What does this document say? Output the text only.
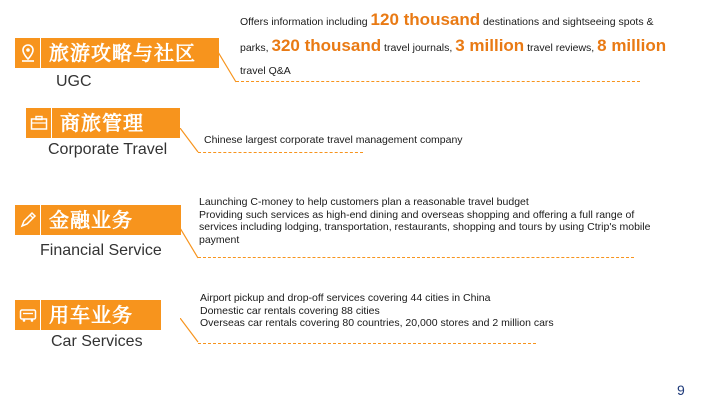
旅游攻略与社区
UGC
Offers information including 120 thousand destinations and sightseeing spots & parks, 320 thousand travel journals, 3 million travel reviews, 8 million travel Q&A
商旅管理
Corporate Travel
Chinese largest corporate travel management company
金融业务
Financial Service
Launching C-money to help customers plan a reasonable travel budget
Providing such services as high-end dining and overseas shopping and offering a full range of services including lodging, transportation, restaurants, shopping and tours by using Ctrip's mobile payment
用车业务
Car Services
Airport pickup and drop-off services covering 44 cities in China
Domestic car rentals covering 88 cities
Overseas car rentals covering 80 countries, 20,000 stores and 2 million cars
9
